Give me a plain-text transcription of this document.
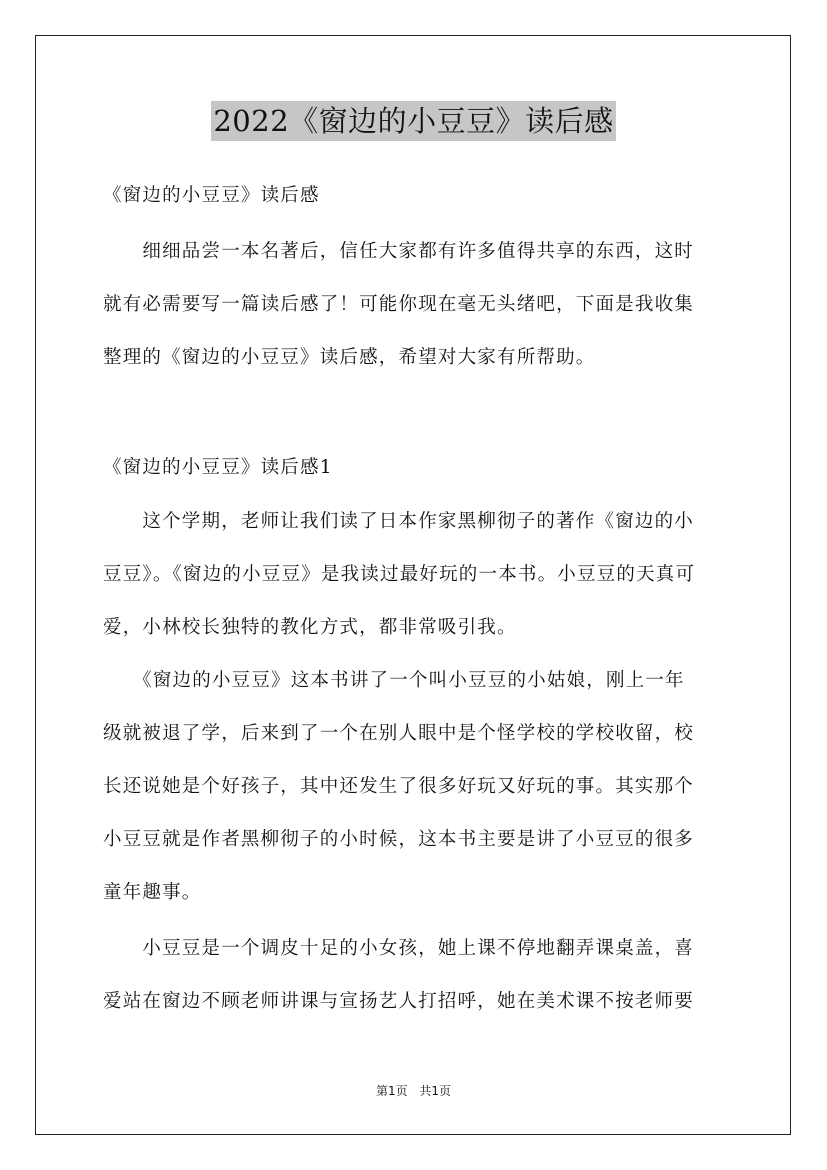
2022《窗边的小豆豆》读后感
《窗边的小豆豆》读后感
　　细细品尝一本名著后，信任大家都有许多值得共享的东西，这时
就有必需要写一篇读后感了！可能你现在毫无头绪吧，下面是我收集
整理的《窗边的小豆豆》读后感，希望对大家有所帮助。
《窗边的小豆豆》读后感1
　　这个学期，老师让我们读了日本作家黑柳彻子的著作《窗边的小
豆豆》。《窗边的小豆豆》是我读过最好玩的一本书。小豆豆的天真可
爱，小林校长独特的教化方式，都非常吸引我。
　　《窗边的小豆豆》这本书讲了一个叫小豆豆的小姑娘，刚上一年
级就被退了学，后来到了一个在别人眼中是个怪学校的学校收留，校
长还说她是个好孩子，其中还发生了很多好玩又好玩的事。其实那个
小豆豆就是作者黑柳彻子的小时候，这本书主要是讲了小豆豆的很多
童年趣事。
　　小豆豆是一个调皮十足的小女孩，她上课不停地翻弄课桌盖，喜
爱站在窗边不顾老师讲课与宣扬艺人打招呼，她在美术课不按老师要
第1页 共1页
